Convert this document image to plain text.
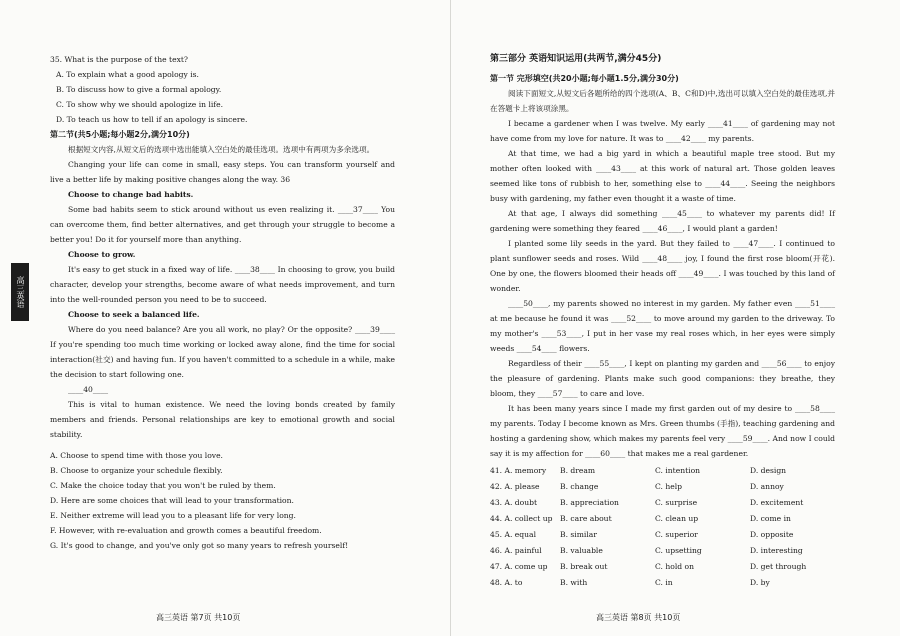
高三英语

35. What is the purpose of the text?

A. To explain what a good apology is.

B. To discuss how to give a formal apology.

C. To show why we should apologize in life.

D. To teach us how to tell if an apology is sincere.

第二节(共5小题;每小题2分,满分10分)

根据短文内容,从短文后的选项中选出能填入空白处的最佳选项。选项中有两项为多余选项。

Changing your life can come in small, easy steps. You can transform yourself and live a better life by making positive changes along the way. 36

Choose to change bad habits.

Some bad habits seem to stick around without us even realizing it. ____37____ You can overcome them, find better alternatives, and get through your struggle to become a better you! Do it for yourself more than anything.

Choose to grow.

It's easy to get stuck in a fixed way of life. ____38____ In choosing to grow, you build character, develop your strengths, become aware of what needs improvement, and turn into the well-rounded person you need to be to succeed.

Choose to seek a balanced life.

Where do you need balance? Are you all work, no play? Or the opposite? ____39____ If you're spending too much time working or locked away alone, find the time for social interaction(社交) and having fun. If you haven't committed to a schedule in a while, make the decision to start following one.

____40____

This is vital to human existence. We need the loving bonds created by family members and friends. Personal relationships are key to emotional growth and social stability.

A. Choose to spend time with those you love.

B. Choose to organize your schedule flexibly.

C. Make the choice today that you won't be ruled by them.

D. Here are some choices that will lead to your transformation.

E. Neither extreme will lead you to a pleasant life for very long.

F. However, with re-evaluation and growth comes a beautiful freedom.

G. It's good to change, and you've only got so many years to refresh yourself!

高三英语 第7页 共10页

第三部分 英语知识运用(共两节,满分45分)

第一节 完形填空(共20小题;每小题1.5分,满分30分)

阅读下面短文,从短文后各题所给的四个选项(A、B、C和D)中,选出可以填入空白处的最佳选项,并在答题卡上将该项涂黑。

I became a gardener when I was twelve. My early ____41____ of gardening may not have come from my love for nature. It was to ____42____ my parents.

At that time, we had a big yard in which a beautiful maple tree stood. But my mother often looked with ____43____ at this work of natural art. Those golden leaves seemed like tons of rubbish to her, something else to ____44____. Seeing the neighbors busy with gardening, my father even thought it a waste of time.

At that age, I always did something ____45____ to whatever my parents did! If gardening were something they feared ____46____, I would plant a garden!

I planted some lily seeds in the yard. But they failed to ____47____. I continued to plant sunflower seeds and roses. Wild ____48____ joy, I found the first rose bloom(开花). One by one, the flowers bloomed their heads off ____49____. I was touched by this land of wonder.

____50____, my parents showed no interest in my garden. My father even ____51____ at me because he found it was ____52____ to move around my garden to the driveway. To my mother's ____53____, I put in her vase my real roses which, in her eyes were simply weeds ____54____ flowers.

Regardless of their ____55____, I kept on planting my garden and ____56____ to enjoy the pleasure of gardening. Plants make such good companions: they breathe, they bloom, they ____57____ to care and love.

It has been many years since I made my first garden out of my desire to ____58____ my parents. Today I become known as Mrs. Green thumbs (手指), teaching gardening and hosting a gardening show, which makes my parents feel very ____59____. And now I could say it is my affection for ____60____ that makes me a real gardener.

41. A. memory	B. dream	C. intention	D. design
42. A. please	B. change	C. help	D. annoy
43. A. doubt	B. appreciation	C. surprise	D. excitement
44. A. collect up B. care about	C. clean up	D. come in
45. A. equal	B. similar	C. superior	D. opposite
46. A. painful	B. valuable	C. upsetting	D. interesting
47. A. come up	B. break out	C. hold on	D. get through
48. A. to	B. with	C. in	D. by
高三英语 第8页 共10页
